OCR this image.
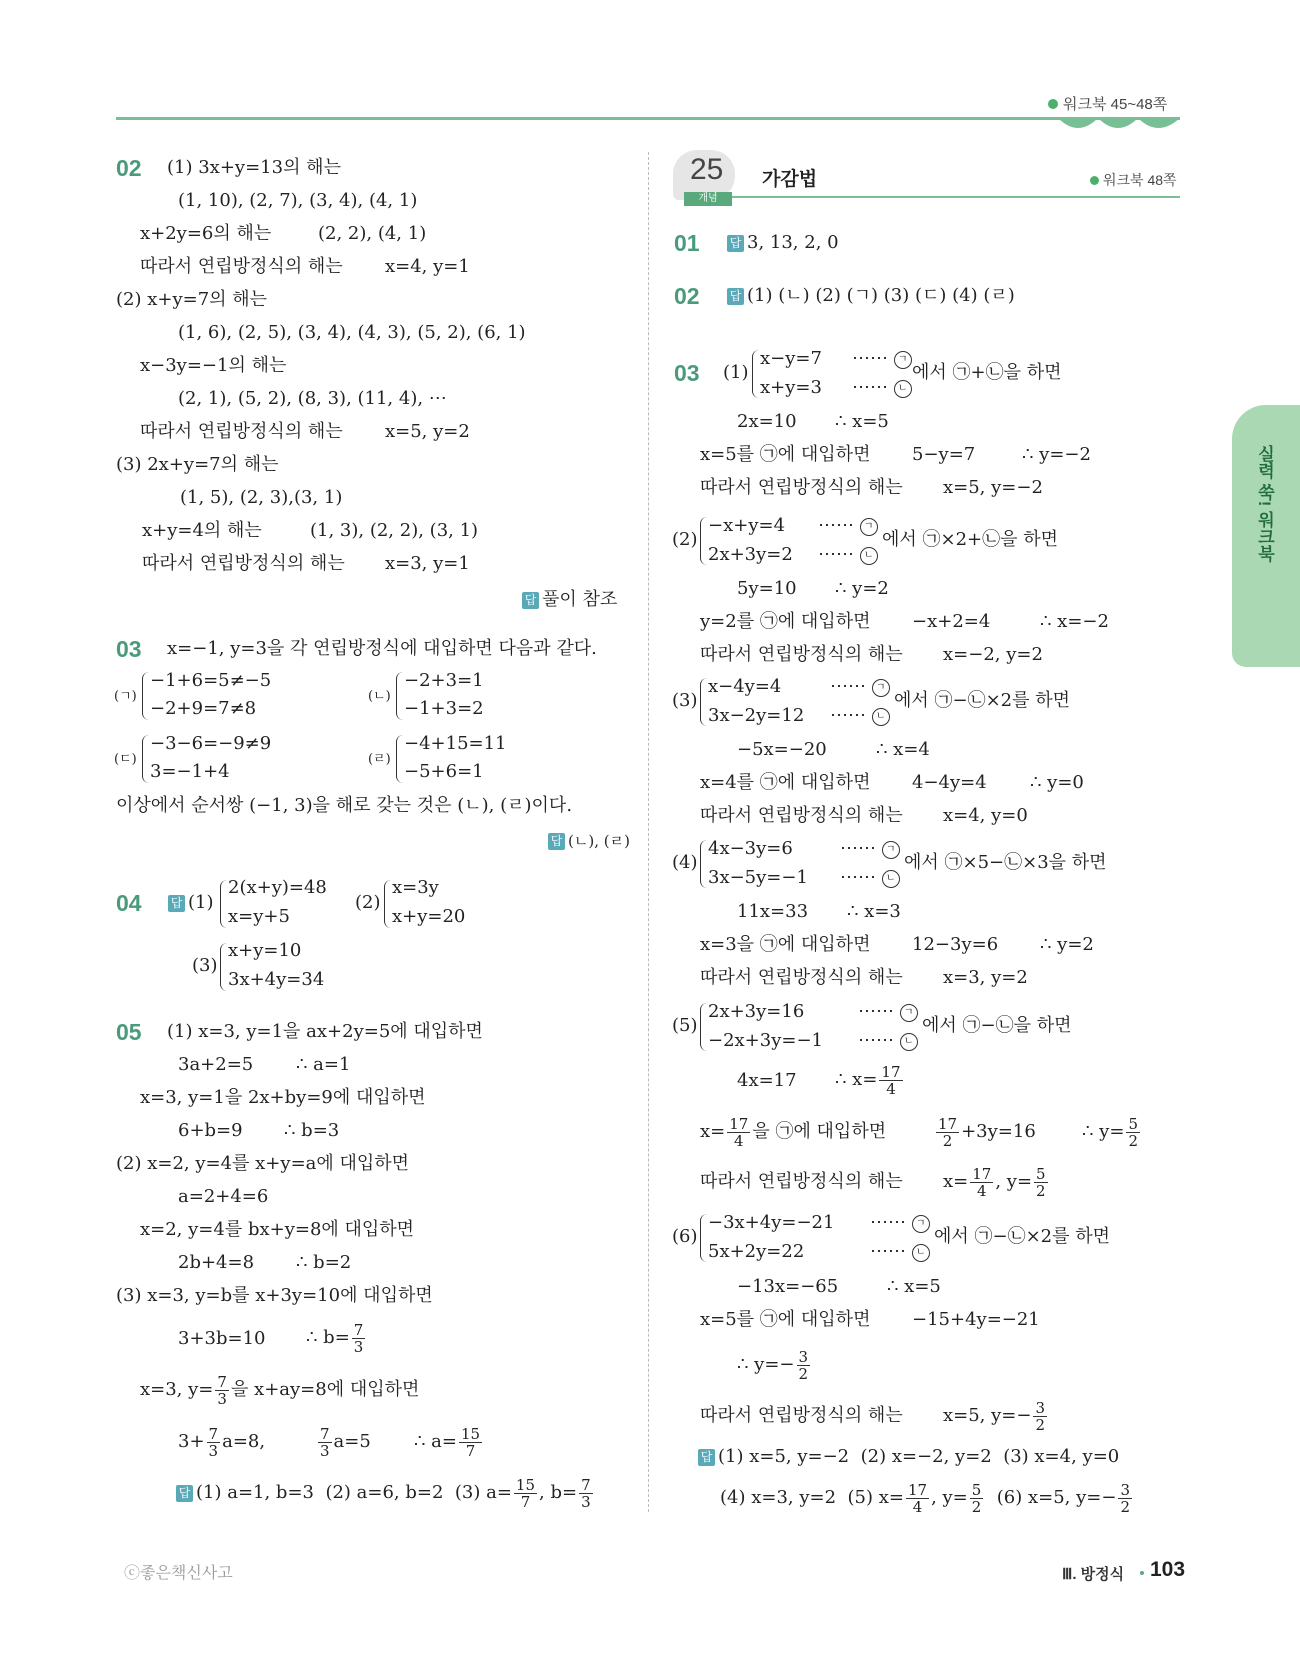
워크북 45~48쪽
02 (1) 3x+y=13의 해는
(1, 10), (2, 7), (3, 4), (4, 1)
x+2y=6의 해는	(2, 2), (4, 1)
따라서 연립방정식의 해는 x=4, y=1
(2) x+y=7의 해는
(1, 6), (2, 5), (3, 4), (4, 3), (5, 2), (6, 1)
x−3y=−1의 해는
(2, 1), (5, 2), (8, 3), (11, 4), ⋯
따라서 연립방정식의 해는 x=5, y=2
(3) 2x+y=7의 해는
(1, 5), (2, 3),(3, 1)
x+y=4의 해는	(1, 3), (2, 2), (3, 1)
따라서 연립방정식의 해는 x=3, y=1
답 풀이 참조
03 x=−1, y=3을 각 연립방정식에 대입하면 다음과 같다.
(ㄱ)
−1+6=5≠−5
−2+9=7≠8
(ㄴ)
−2+3=1
−1+3=2
(ㄷ)
−3−6=−9≠9
3=−1+4
(ㄹ)
−4+15=11
−5+6=1
이상에서 순서쌍 (−1, 3)을 해로 갖는 것은 (ㄴ), (ㄹ)이다.
답 (ㄴ), (ㄹ)
04 답 (1)
2(x+y)=48
x=y+5
(2)
x=3y
x+y=20
(3)
x+y=10
3x+4y=34
05 (1) x=3, y=1을 ax+2y=5에 대입하면
3a+2=5 ∴ a=1
x=3, y=1을 2x+by=9에 대입하면
6+b=9 ∴ b=3
(2) x=2, y=4를 x+y=a에 대입하면
a=2+4=6
x=2, y=4를 bx+y=8에 대입하면
2b+4=8 ∴ b=2
(3) x=3, y=b를 x+3y=10에 대입하면
3+3b=10 ∴ $b= \frac{7}{3}$
x=3, $y= \frac{7}{3}$ 을 x+ay=8에 대입하면
$3+ \frac{7}{3} a=8$,	$\frac{7}{3} a=5$ ∴ $a= \frac{15}{7}$
답 (1) a=1, b=3 (2) a=6, b=2 (3) $a= \frac{15}{7}$ , $b= \frac{7}{3}$
25
개념
가감법	워크북 48쪽
01	답 3, 13, 2, 0
02	답 (1) (ㄴ) (2) (ㄱ) (3) (ㄷ) (4) (ㄹ)
03 (1)
x−y=7
x+y=3
⋯⋯ ㄱ
⋯⋯ ㄴ
에서 ㉠+㉡을 하면
2x=10 ∴ x=5
x=5를 ㉠에 대입하면 5−y=7	∴ y=−2
따라서 연립방정식의 해는 x=5, y=−2
(2)
−x+y=4
2x+3y=2
⋯⋯ ㄱ
⋯⋯ ㄴ
에서 ㉠×2+㉡을 하면
5y=10 ∴ y=2
y=2를 ㉠에 대입하면 −x+2=4	∴ x=−2
따라서 연립방정식의 해는 x=−2, y=2
(3)
x−4y=4
3x−2y=12
⋯⋯ ㄱ
⋯⋯ ㄴ
에서 ㉠−㉡×2를 하면
−5x=−20	∴ x=4
x=4를 ㉠에 대입하면 4−4y=4 ∴ y=0
따라서 연립방정식의 해는 x=4, y=0
(4)
4x−3y=6
3x−5y=−1
⋯⋯ ㄱ
⋯⋯ ㄴ
에서 ㉠×5−㉡×3을 하면
11x=33 ∴ x=3
x=3을 ㉠에 대입하면 12−3y=6 ∴ y=2
따라서 연립방정식의 해는 x=3, y=2
(5)
2x+3y=16
−2x+3y=−1
⋯⋯ ㄱ
⋯⋯ ㄴ
에서 ㉠−㉡을 하면
4x=17 ∴ $x= \frac{17}{4}$
$x= \frac{17}{4}$ 을 ㉠에 대입하면	$\frac{17}{2} +3y=16$	∴ $y= \frac{5}{2}$
따라서 연립방정식의 해는 $x= \frac{17}{4}$ , $y= \frac{5}{2}$
(6)
−3x+4y=−21
5x+2y=22
⋯⋯ ㄱ
⋯⋯ ㄴ
에서 ㉠−㉡×2를 하면
−13x=−65	∴ x=5
x=5를 ㉠에 대입하면 −15+4y=−21
∴ $y=- \frac{3}{2}$
따라서 연립방정식의 해는 x=5, $y=- \frac{3}{2}$
답 (1) x=5, y=−2 (2) x=−2, y=2 (3) x=4, y=0
(4) x=3, y=2 (5) $x= \frac{17}{4}$ , $y= \frac{5}{2} (6)$ x=5, $y=- \frac{3}{2}$
실력 쑥! 워크북
ⓒ좋은책신사고	Ⅲ. 방정식 103
